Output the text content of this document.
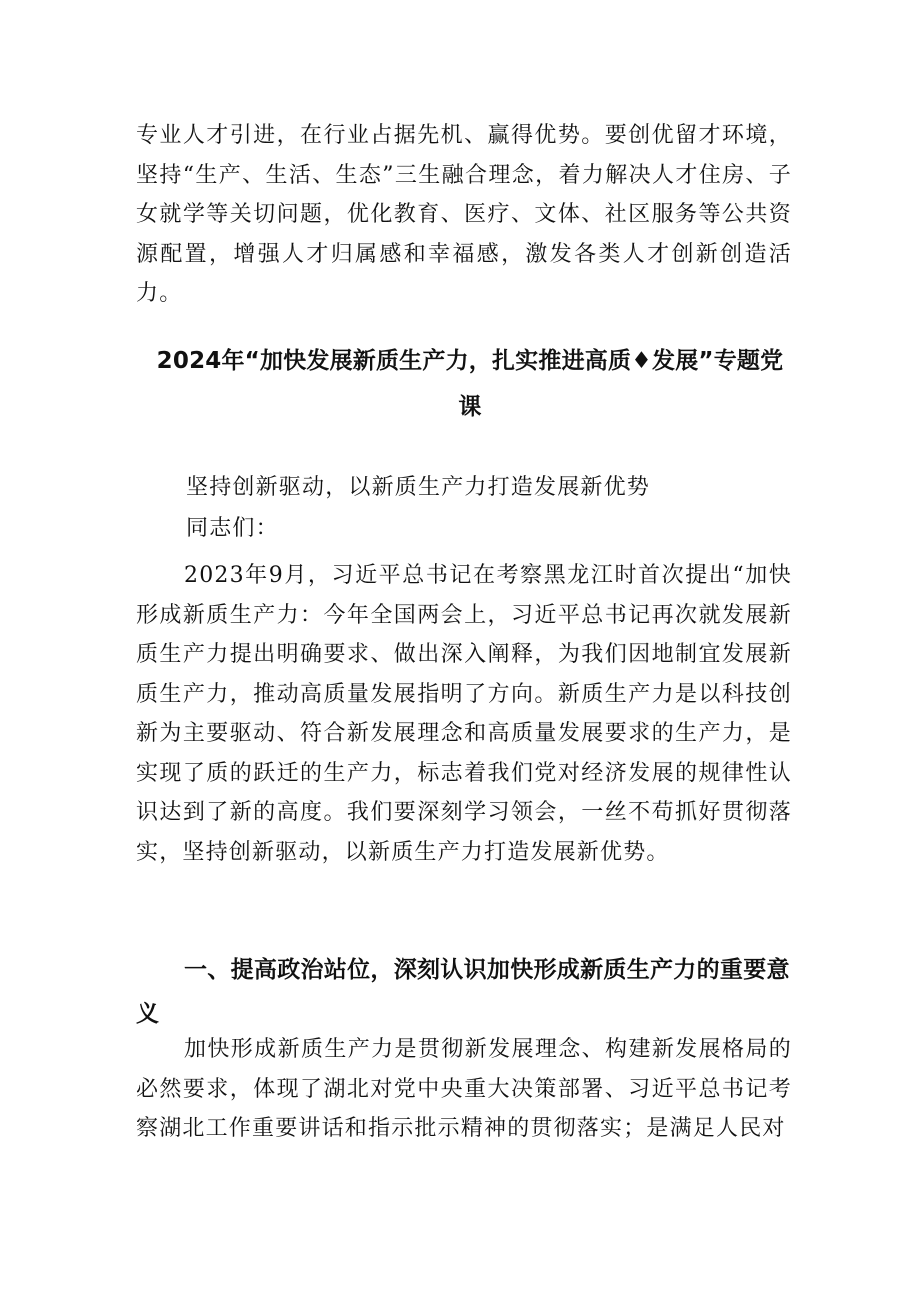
专业人才引进，在行业占据先机、赢得优势。要创优留才环境，坚持“生产、生活、生态”三生融合理念，着力解决人才住房、子女就学等关切问题，优化教育、医疗、文体、社区服务等公共资源配置，增强人才归属感和幸福感，激发各类人才创新创造活力。

2024年“加快发展新质生产力，扎实推进高质♦发展”专题党课

坚持创新驱动，以新质生产力打造发展新优势

同志们：

2023年9月，习近平总书记在考察黑龙江时首次提出“加快形成新质生产力：今年全国两会上，习近平总书记再次就发展新质生产力提出明确要求、做出深入阐释，为我们因地制宜发展新质生产力，推动高质量发展指明了方向。新质生产力是以科技创新为主要驱动、符合新发展理念和高质量发展要求的生产力，是实现了质的跃迁的生产力，标志着我们党对经济发展的规律性认识达到了新的高度。我们要深刻学习领会，一丝不苟抓好贯彻落实，坚持创新驱动，以新质生产力打造发展新优势。

一、提高政治站位，深刻认识加快形成新质生产力的重要意义

加快形成新质生产力是贯彻新发展理念、构建新发展格局的必然要求，体现了湖北对党中央重大决策部署、习近平总书记考察湖北工作重要讲话和指示批示精神的贯彻落实；是满足人民对
